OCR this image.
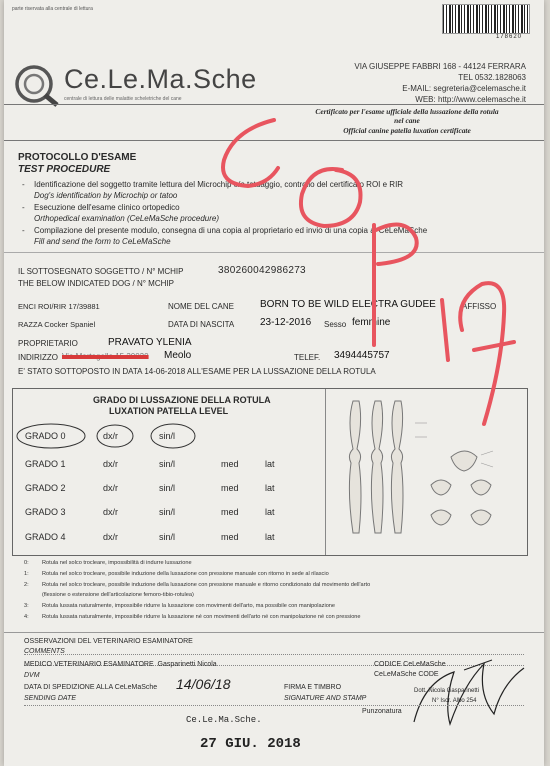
parte riservata alla centrale di lettura
178620
Ce.Le.Ma.Sche
centrale di lettura delle malattie scheletriche del cane
VIA GIUSEPPE FABBRI 168 - 44124 FERRARA
TEL 0532.1828063
E-MAIL: segreteria@celemasche.it
WEB: http://www.celemasche.it
Certificato per l'esame ufficiale della lussazione della rotula
nel cane
Official canine patella luxation certificate
PROTOCOLLO D'ESAME
TEST PROCEDURE
- Identificazione del soggetto tramite lettura del Microchip e/o tatuaggio, controllo del certificato ROI e RIR
Dog's identification by Microchip or tatoo
- Esecuzione dell'esame clinico ortopedico
Orthopedical examination (CeLeMaSche procedure)
- Compilazione del presente modulo, consegna di una copia al proprietario ed invio di una copia al CeLeMaSche
Fill and send the form to CeLeMaSche
IL SOTTOSEGNATO SOGGETTO / N° MCHIP	380260042986273
THE BELOW INDICATED DOG / N° MCHIP
ENCI ROI/RIR 17/39881	NOME DEL CANE	BORN TO BE WILD ELECTRA GUDEE	AFFISSO
RAZZA Cocker Spaniel	DATA DI NASCITA	23-12-2016 Sesso femmine
PROPRIETARIO	PRAVATO YLENIA
INDIRIZZO Via Martagello 15 30020 Meolo	TELEF. 3494445757
E' STATO SOTTOPOSTO IN DATA 14-06-2018 ALL'ESAME PER LA LUSSAZIONE DELLA ROTULA
GRADO DI LUSSAZIONE DELLA ROTULA
LUXATION PATELLA LEVEL
GRADO 0	dx/r	sin/l
GRADO 1	dx/r	sin/l	med	lat
GRADO 2	dx/r	sin/l	med	lat
GRADO 3	dx/r	sin/l	med	lat
GRADO 4	dx/r	sin/l	med	lat
0: Rotula nel solco trocleare, impossibilità di indurre lussazione
1: Rotula nel solco trocleare, possibile induzione della lussazione con pressione manuale con ritorno in sede al rilascio
2: Rotula nel solco trocleare, possibile induzione della lussazione con pressione manuale e ritorno condizionato dal movimento dell'arto
(flessione o estensione dell'articolazione femoro-tibio-rotulea)
3: Rotula lussata naturalmente, impossibile ridurre la lussazione con movimenti dell'arto, ma possibile con manipolazione
4: Rotula lussata naturalmente, impossibile ridurre la lussazione né con movimenti dell'arto né con manipolazione né con pressione
OSSERVAZIONI DEL VETERINARIO ESAMINATORE
COMMENTS
MEDICO VETERINARIO ESAMINATORE Gasparinetti Nicola
DVM
DATA DI SPEDIZIONE ALLA CeLeMaSche
SENDING DATE
14/06/18	FIRMA E TIMBRO
SIGNATURE AND STAMP
CODICE CeLeMaSche
CeLeMaSche CODE
Dott. Nicola Gasparinetti
N° Iscr. Albo 254
Punzonatura
Ce.Le.Ma.Sche.
27 GIU. 2018
